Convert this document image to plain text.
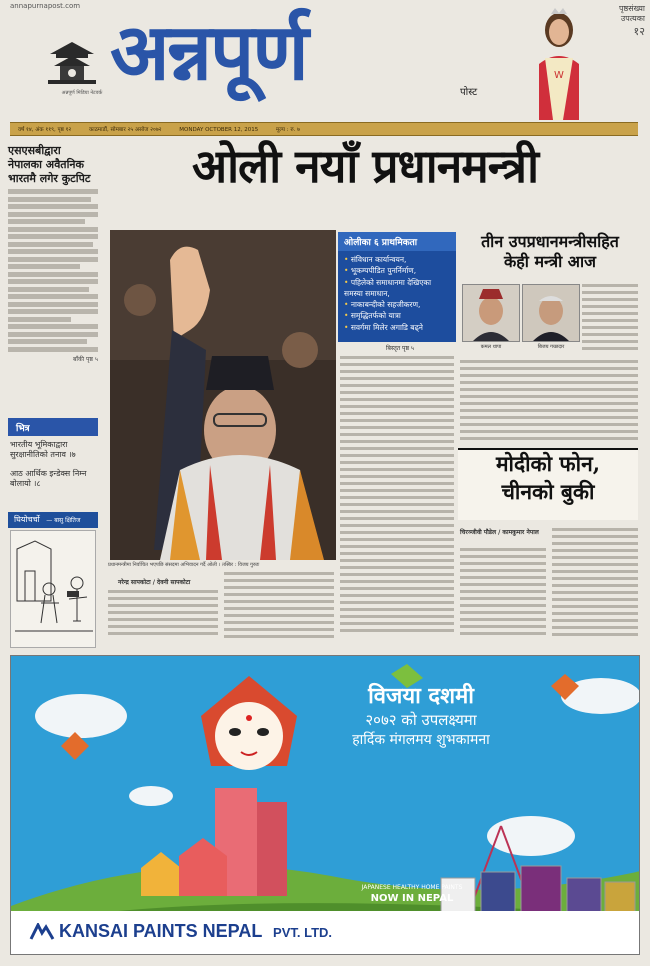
annapurnapost.com
अन्नपूर्ण मिडिया नेटवर्क अन्नपूर्ण	पोस्ट
W
पृष्ठसंख्या
उपत्यका
१२
वर्ष १४, अंक ११९, पृष्ठ १२	काठमाडौं, सोमबार २५ असोज २०७२	MONDAY OCTOBER 12, 2015	मूल्य : रु. ७
एसएसबीद्वारा नेपालका अवैतनिक भारतमै लगेर कुटपिट
बाँकी पृष्ठ ५
भित्र
भारतीय भूमिकाद्वारा सुरक्षानीतिको तनाव ।७
आठ आर्थिक इन्डेक्स निम्न बोलायो ।८
घियोचर्चो — बासु क्षितिज
ओली नयाँ प्रधानमन्त्री
प्रधानमन्त्रीमा निर्वाचित भएपछि संसदमा अभिवादन गर्दै ओली । तस्बिर : विजय गुरुङ
ओलीका ६ प्राथमिकता
• संविधान कार्यान्वयन,
• भूकम्पपीडित पुनर्निर्माण,
• पहिलेको समाधानमा देखिएका समस्या समाधान,
• नाकाबन्दीको सहजीकरण,
• समृद्धितर्फको यात्रा
• सवर्गमा मिलेर अगाडि बढ्ने
बिस्तृत पृष्ठ ५
तीन उपप्रधानमन्त्रीसहित
केही मन्त्री आज
कमल थापा	बिजय गच्छदार
मोदीको फोन,
चीनको बुकी
चिरञ्जीवी पौडेल / कामकुमार नेपाल
नरेन्द्र सापकोटा / देवनी सापकोटा
विजया दशमी
२०७२ को उपलक्ष्यमा
हार्दिक मंगलमय शुभकामना
JAPANESE HEALTHY HOME PAINTS
NOW IN NEPAL
KANSAI PAINTS NEPAL PVT. LTD.
